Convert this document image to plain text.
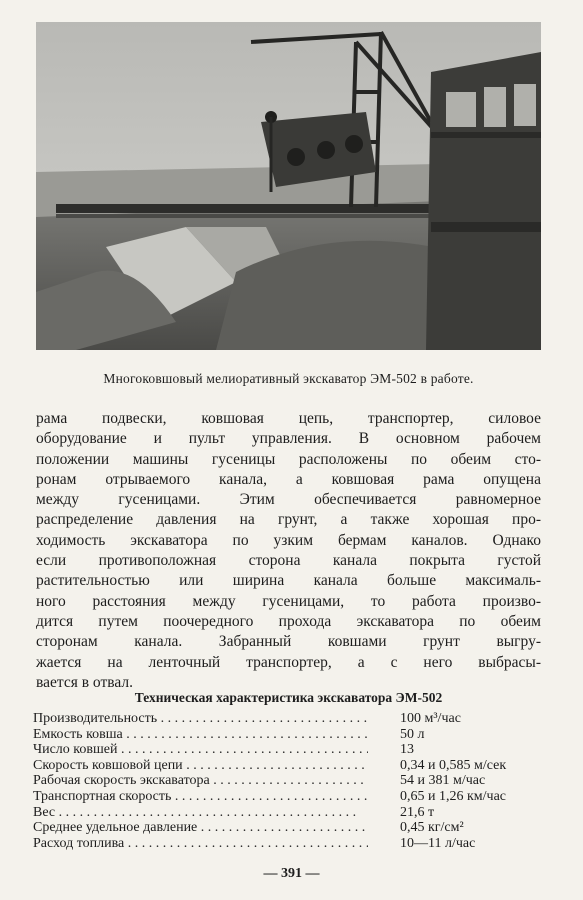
Многоковшовый мелиоративный экскаватор ЭМ-502 в работе.
рама подвески, ковшовая цепь, транспортер, силовое
оборудование и пульт управления. В основном рабочем
положении машины гусеницы расположены по обеим сто-
ронам отрываемого канала, а ковшовая рама опущена
между гусеницами. Этим обеспечивается равномерное
распределение давления на грунт, а также хорошая про-
ходимость экскаватора по узким бермам каналов. Однако
если противоположная сторона канала покрыта густой
растительностью или ширина канала больше максималь-
ного расстояния между гусеницами, то работа произво-
дится путем поочередного прохода экскаватора по обеим
сторонам канала. Забранный ковшами грунт выгру-
жается на ленточный транспортер, а с него выбрасы-
вается в отвал.
Техническая характеристика экскаватора ЭМ-502
Производительность . . .	100 м³/час
Емкость ковша . . .	50 л
Число ковшей . . .	13
Скорость ковшовой цепи . . .	0,34 и 0,585 м/сек
Рабочая скорость экскаватора . . .	54 и 381 м/час
Транспортная скорость . . .	0,65 и 1,26 км/час
Вес . . .	21,6 т
Среднее удельное давление . . .	0,45 кг/см²
Расход топлива . . .	10—11 л/час
— 391 —
